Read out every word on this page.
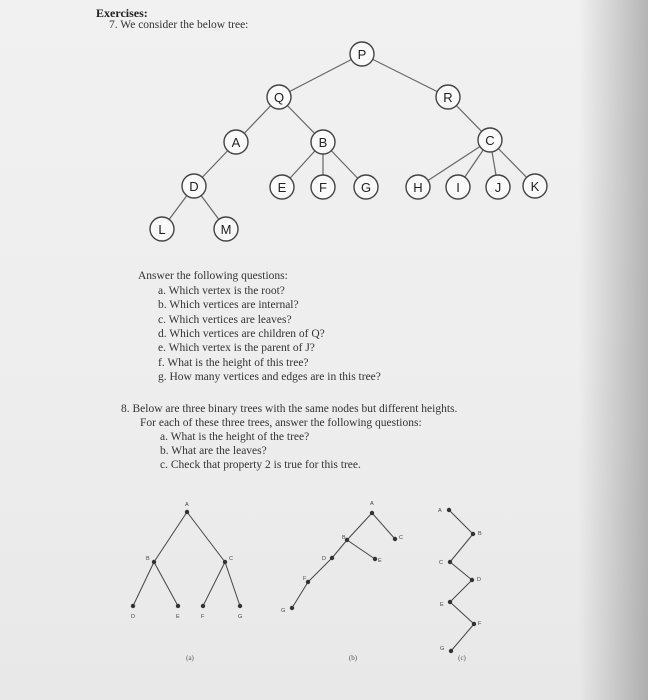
Exercises:
7. We consider the below tree:
P
Q	R
A	B	C
D	E	F	G	H	I	J K
L	M
Answer the following questions:
a. Which vertex is the root?
b. Which vertices are internal?
c. Which vertices are leaves?
d. Which vertices are children of Q?
e. Which vertex is the parent of J?
f. What is the height of this tree?
g. How many vertices and edges are in this tree?
8. Below are three binary trees with the same nodes but different heights.
For each of these three trees, answer the following questions:
a. What is the height of the tree?
b. What are the leaves?
c. Check that property 2 is true for this tree.
A
B	C
D	E	F	G
(a)
A
B	C
D	E
F
G
(b)
A
B
C
D
E
F
G
(c)
